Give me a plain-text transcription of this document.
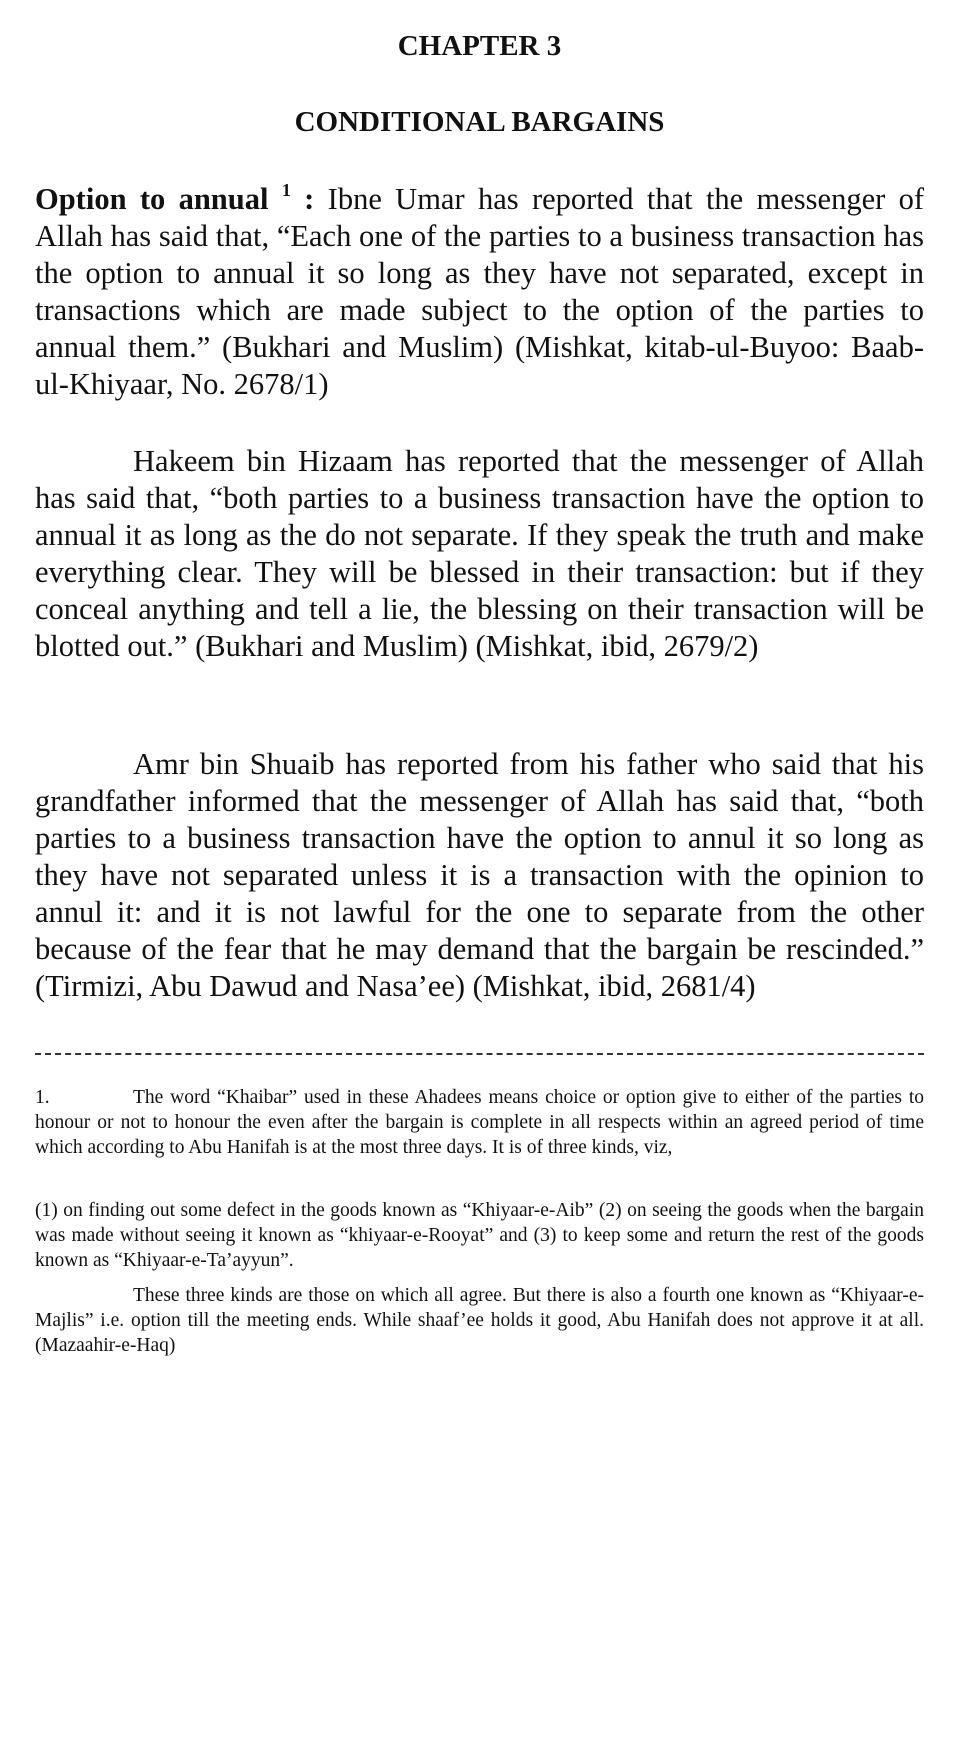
CHAPTER 3
CONDITIONAL BARGAINS

Option to annual $^1$ : Ibne Umar has reported that the messenger of Allah has said that, “Each one of the parties to a business transaction has the option to annual it so long as they have not separated, except in transactions which are made subject to the option of the parties to annual them.” (Bukhari and Muslim) (Mishkat, kitab-ul-Buyoo: Baab-ul-Khiyaar, No. 2678/1)

Hakeem bin Hizaam has reported that the messenger of Allah has said that, “both parties to a business transaction have the option to annual it as long as the do not separate. If they speak the truth and make everything clear. They will be blessed in their transaction: but if they conceal anything and tell a lie, the blessing on their transaction will be blotted out.” (Bukhari and Muslim) (Mishkat, ibid, 2679/2)

Amr bin Shuaib has reported from his father who said that his grandfather informed that the messenger of Allah has said that, “both parties to a business transaction have the option to annul it so long as they have not separated unless it is a transaction with the opinion to annul it: and it is not lawful for the one to separate from the other because of the fear that he may demand that the bargain be rescinded.” (Tirmizi, Abu Dawud and Nasa’ee) (Mishkat, ibid, 2681/4)

1.	The word “Khaibar” used in these Ahadees means choice or option give to either of the parties to honour or not to honour the even after the bargain is complete in all respects within an agreed period of time which according to Abu Hanifah is at the most three days. It is of three kinds, viz,

(1) on finding out some defect in the goods known as “Khiyaar-e-Aib” (2) on seeing the goods when the bargain was made without seeing it known as “khiyaar-e-Rooyat” and (3) to keep some and return the rest of the goods known as “Khiyaar-e-Ta’ayyun”.

These three kinds are those on which all agree. But there is also a fourth one known as “Khiyaar-e-Majlis” i.e. option till the meeting ends. While shaaf’ee holds it good, Abu Hanifah does not approve it at all. (Mazaahir-e-Haq)
